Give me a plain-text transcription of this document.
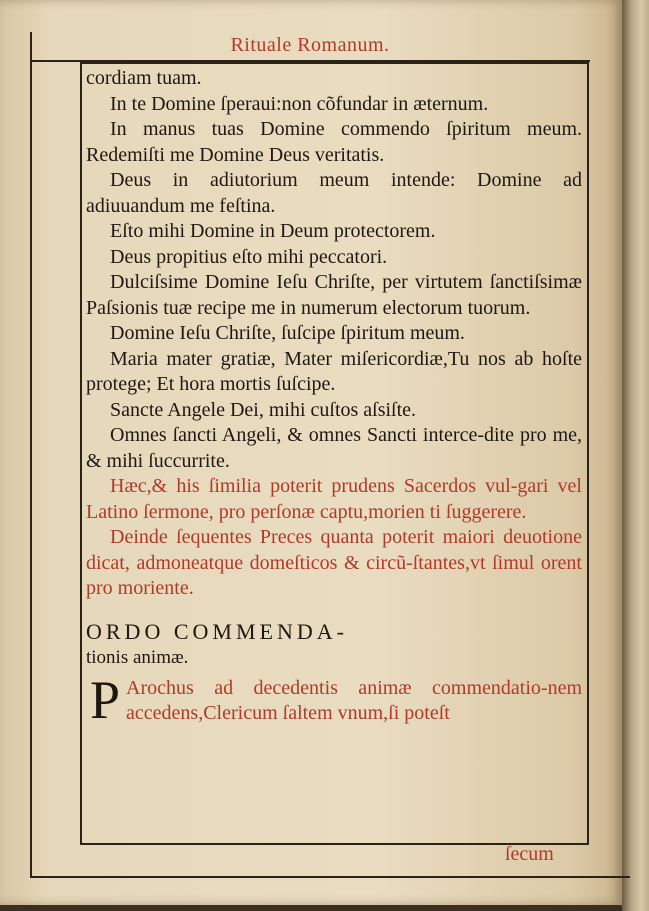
Rituale Romanum.

cordiam tuam.

In te Domine ſperaui:non cõfundar in æternum.

In manus tuas Domine commendo ſpiritum meum. Redemiſti me Domine Deus veritatis.

Deus in adiutorium meum intende: Domine ad adiuuandum me feſtina.

Eſto mihi Domine in Deum protectorem.

Deus propitius eſto mihi peccatori.

Dulciſsime Domine Ieſu Chriſte, per virtutem ſanctiſsimæ Paſsionis tuæ recipe me in numerum electorum tuorum.

Domine Ieſu Chriſte, ſuſcipe ſpiritum meum.

Maria mater gratiæ, Mater miſericordiæ,Tu nos ab hoſte protege; Et hora mortis ſuſcipe.

Sancte Angele Dei, mihi cuſtos aſsiſte.

Omnes ſancti Angeli, & omnes Sancti interce-dite pro me, & mihi ſuccurrite.

Hæc,& his ſimilia poterit prudens Sacerdos vul-gari vel Latino ſermone, pro perſonæ captu,morien ti ſuggerere.

Deinde ſequentes Preces quanta poterit maiori deuotione dicat, admoneatque domeſticos & circũ-ſtantes,vt ſimul orent pro moriente.

ORDO COMMENDA-

tionis animæ.

P Arochus ad decedentis animæ commendatio-nem accedens,Clericum ſaltem vnum,ſi poteſt

ſecum
